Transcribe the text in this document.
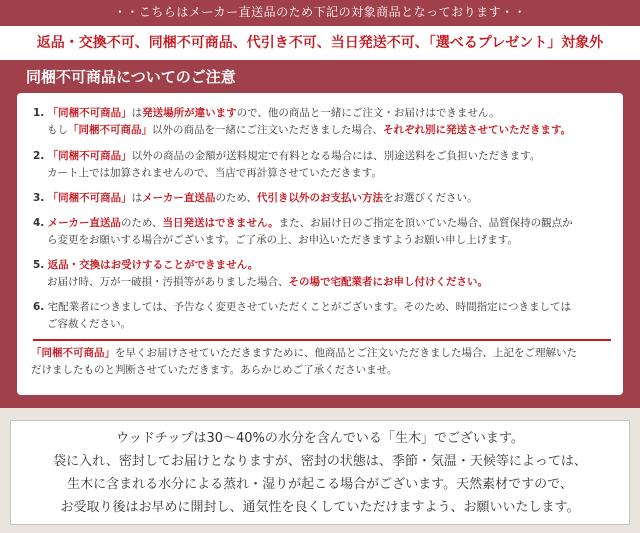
・・こちらはメーカー直送品のため下記の対象商品となっております・・
返品・交換不可、同梱不可商品、代引き不可、当日発送不可、「選べるプレゼント」対象外
同梱不可商品についてのご注意
1. 「同梱不可商品」は発送場所が違いますので、他の商品と一緒にご注文・お届けはできません。
もし「同梱不可商品」以外の商品を一緒にご注文いただきました場合、それぞれ別に発送させていただきます。
2. 「同梱不可商品」以外の商品の金額が送料規定で有料となる場合には、別途送料をご負担いただきます。
カート上では加算されませんので、当店で再計算させていただきます。
3. 「同梱不可商品」はメーカー直送品のため、代引き以外のお支払い方法をお選びください。
4. メーカー直送品のため、当日発送はできません。また、お届け日のご指定を頂いていた場合、品質保持の観点か
ら変更をお願いする場合がございます。ご了承の上、お申込いただきますようお願い申し上げます。
5. 返品・交換はお受けすることができません。
お届け時、万が一破損・汚損等がありました場合、その場で宅配業者にお申し付けください。
6. 宅配業者につきましては、予告なく変更させていただくことがございます。そのため、時間指定につきましては
ご容赦ください。
「同梱不可商品」を早くお届けさせていただきますために、他商品とご注文いただきました場合、上記をご理解いた
だけましたものと判断させていただきます。あらかじめご了承くださいませ。
ウッドチップは30～40%の水分を含んでいる「生木」でございます。
袋に入れ、密封してお届けとなりますが、密封の状態は、季節・気温・天候等によっては、
生木に含まれる水分による蒸れ・湿りが起こる場合がございます。天然素材ですので、
お受取り後はお早めに開封し、通気性を良くしていただけますよう、お願いいたします。
